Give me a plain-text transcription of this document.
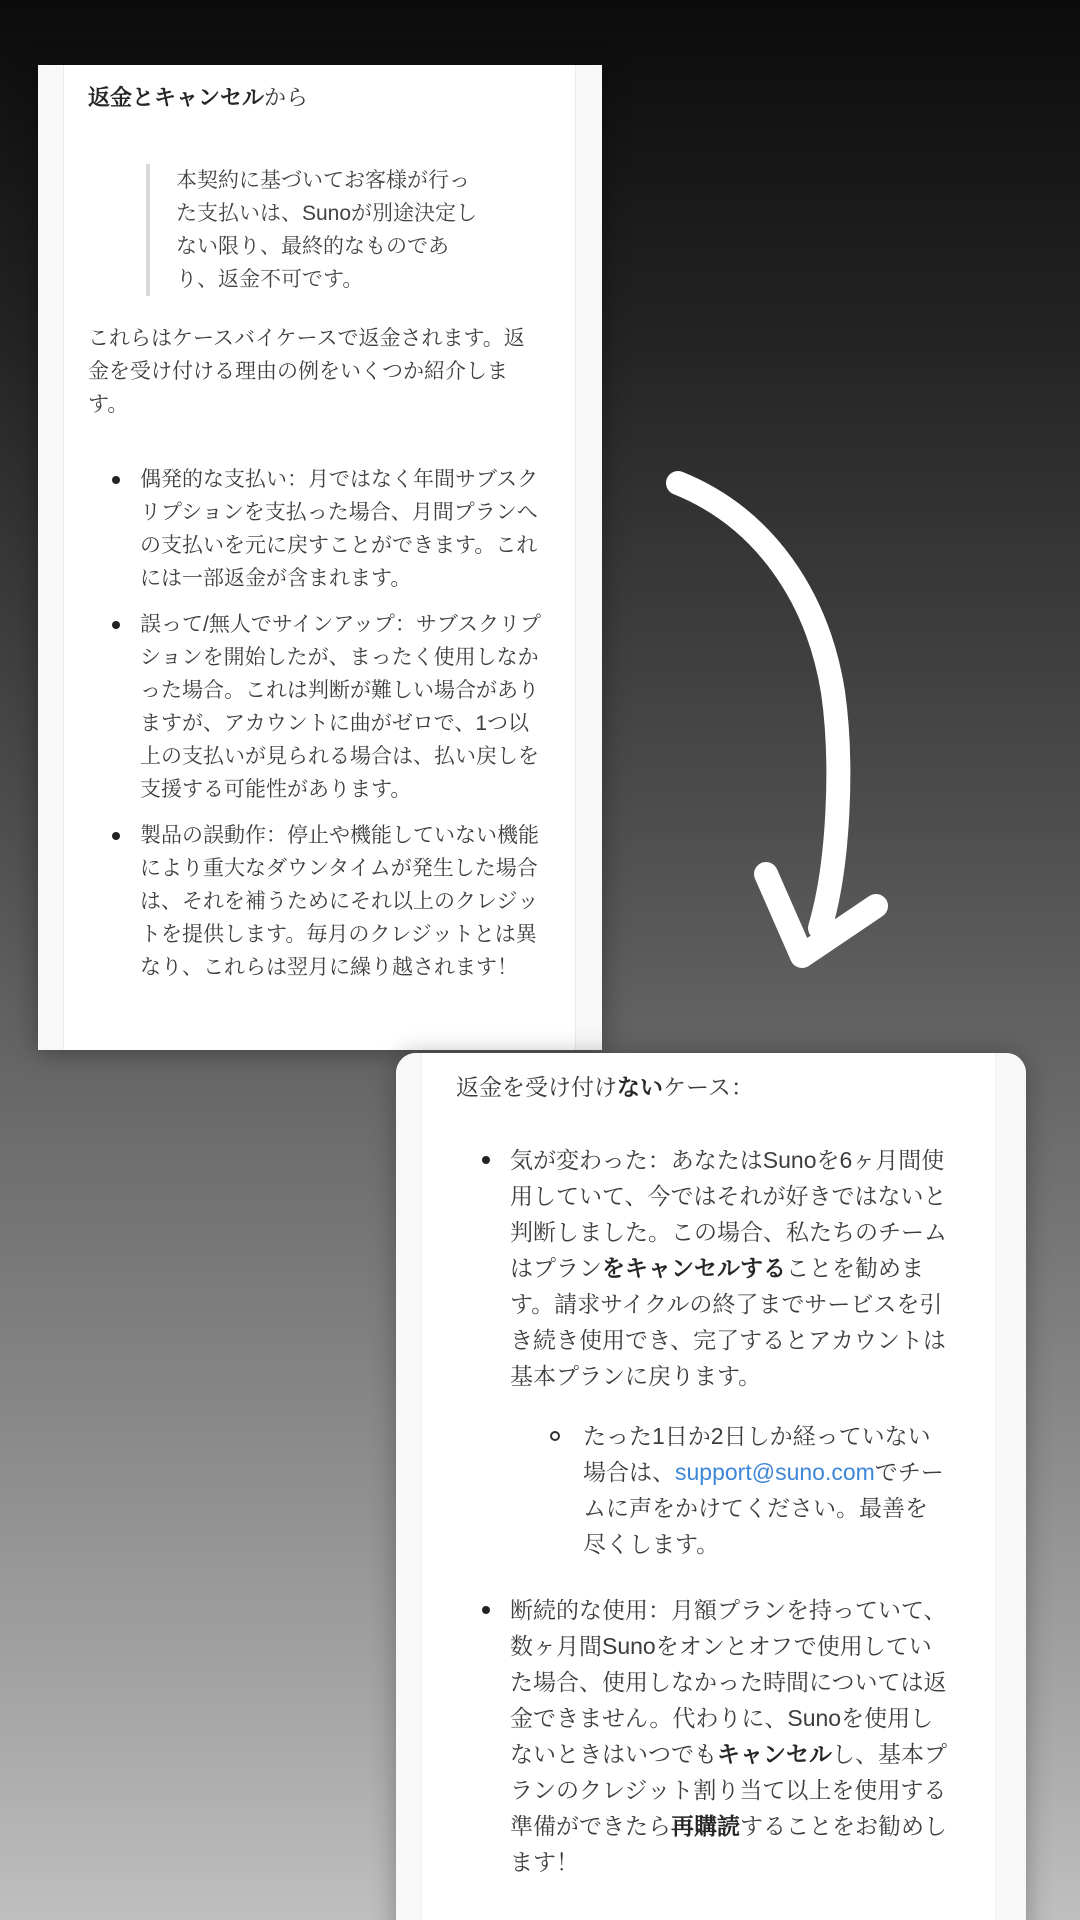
返金とキャンセルから
本契約に基づいてお客様が行った支払いは、Sunoが別途決定しない限り、最終的なものであり、返金不可です。

これらはケースバイケースで返金されます。返金を受け付ける理由の例をいくつか紹介します。

偶発的な支払い：月ではなく年間サブスクリプションを支払った場合、月間プランへの支払いを元に戻すことができます。これには一部返金が含まれます。
誤って/無人でサインアップ：サブスクリプションを開始したが、まったく使用しなかった場合。これは判断が難しい場合がありますが、アカウントに曲がゼロで、1つ以上の支払いが見られる場合は、払い戻しを支援する可能性があります。
製品の誤動作：停止や機能していない機能により重大なダウンタイムが発生した場合は、それを補うためにそれ以上のクレジットを提供します。毎月のクレジットとは異なり、これらは翌月に繰り越されます！
返金を受け付けないケース：

気が変わった：あなたはSunoを6ヶ月間使用していて、今ではそれが好きではないと判断しました。この場合、私たちのチームはプランをキャンセルすることを勧めます。請求サイクルの終了までサービスを引き続き使用でき、完了するとアカウントは基本プランに戻ります。

たった1日か2日しか経っていない場合は、support@suno.comでチームに声をかけてください。最善を尽くします。
断続的な使用：月額プランを持っていて、数ヶ月間Sunoをオンとオフで使用していた場合、使用しなかった時間については返金できません。代わりに、Sunoを使用しないときはいつでもキャンセルし、基本プランのクレジット割り当て以上を使用する準備ができたら再購読することをお勧めします！
